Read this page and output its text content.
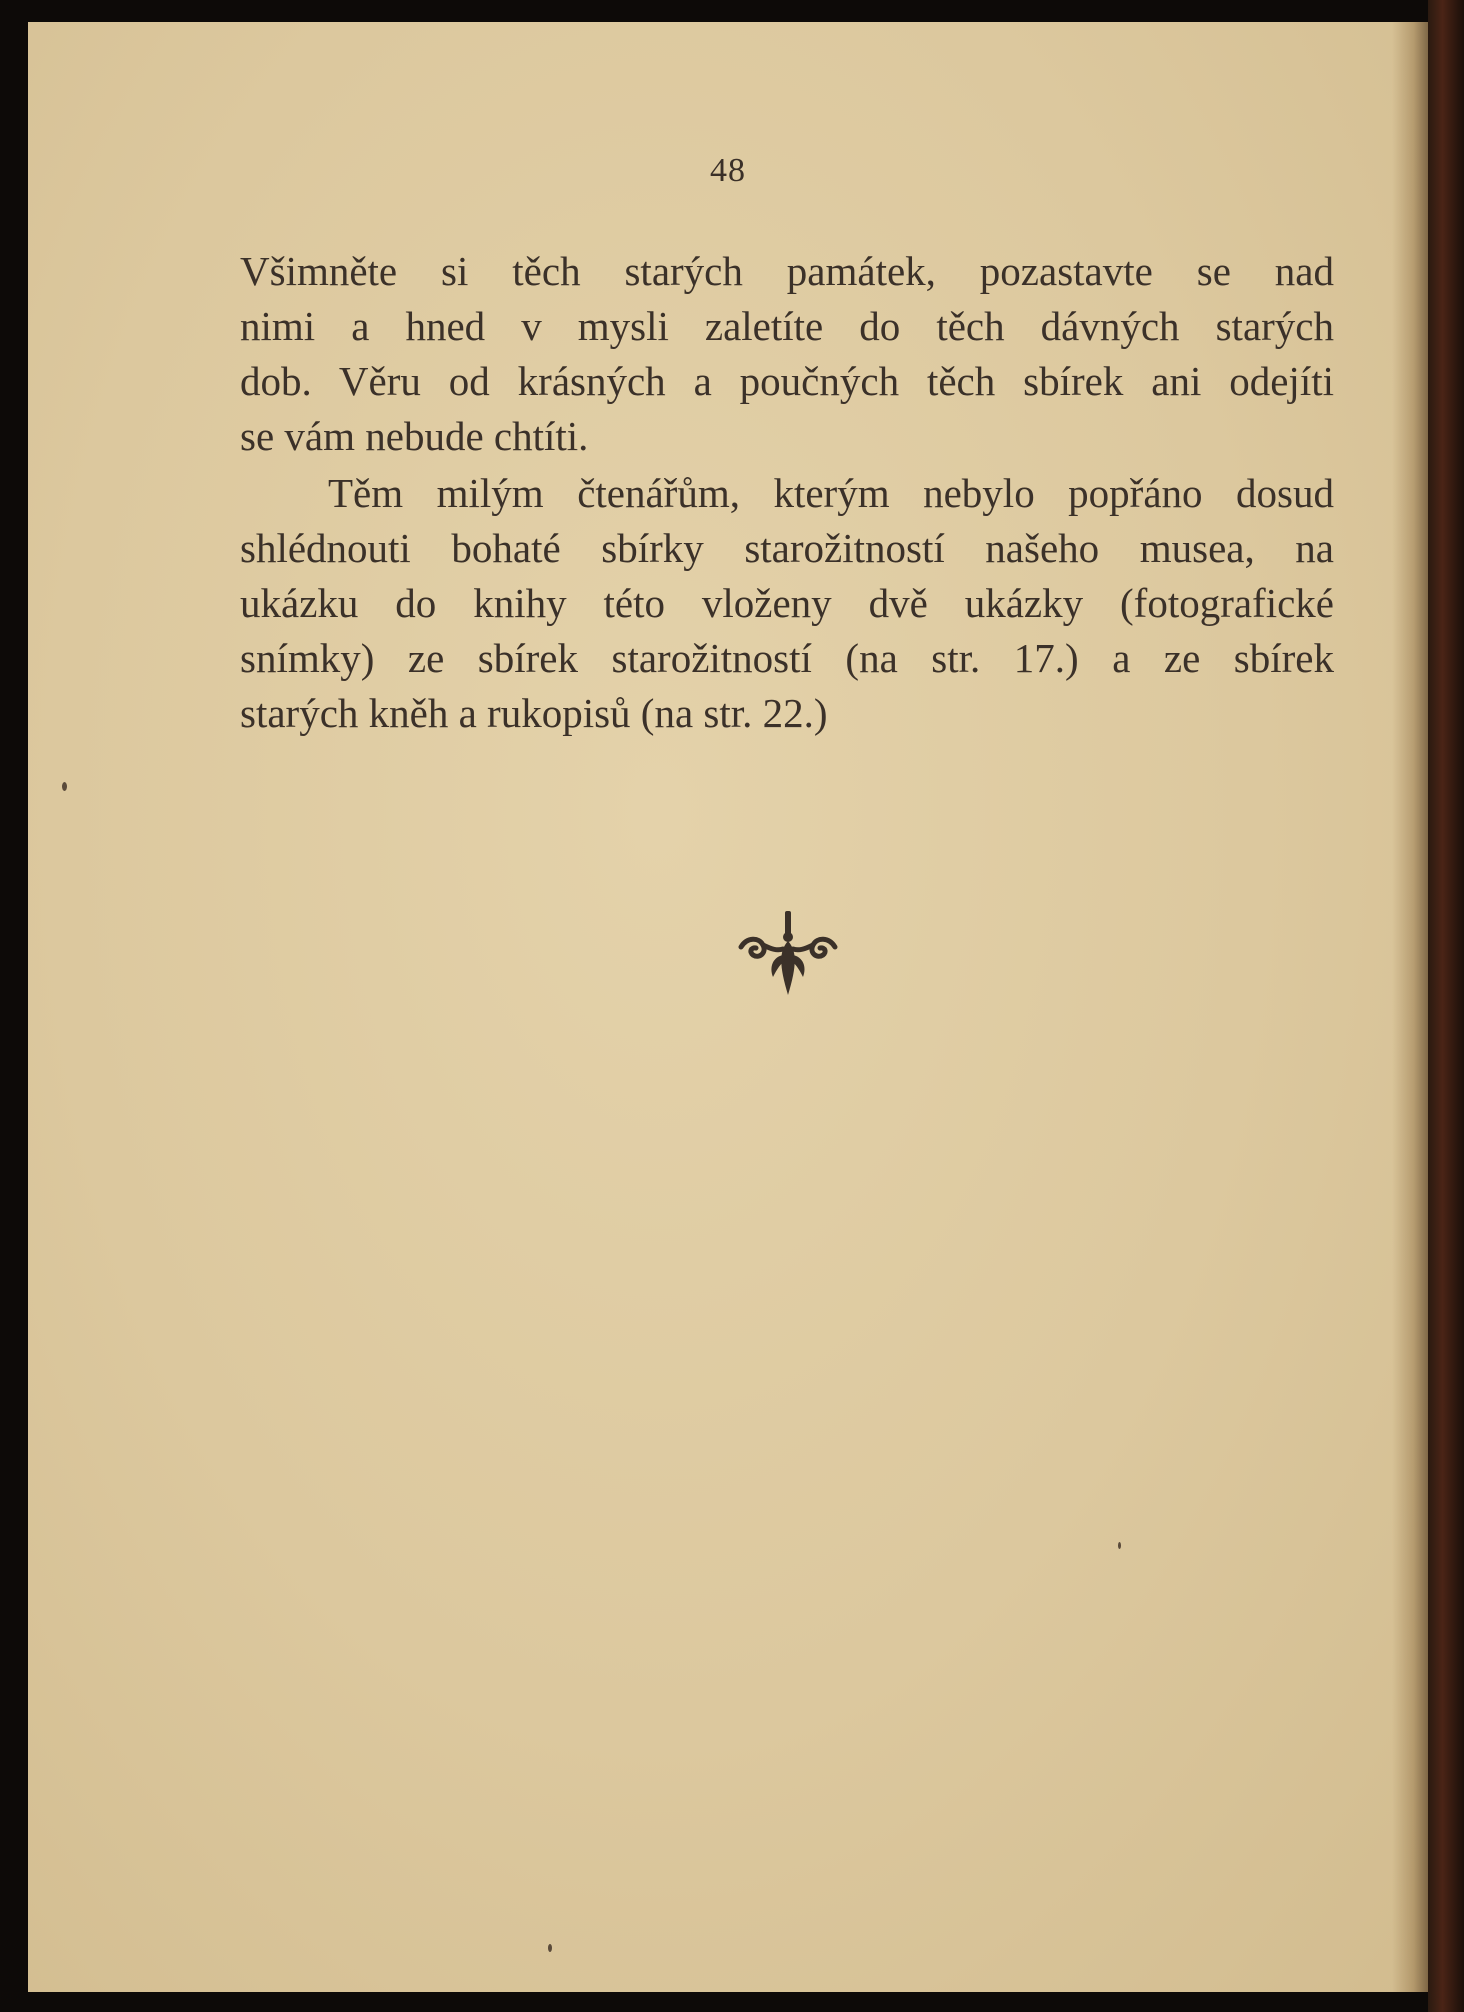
48
Všimněte si těch starých památek, pozastavte se nad
nimi a hned v mysli zaletíte do těch dávných starých
dob. Věru od krásných a poučných těch sbírek ani odejíti
se vám nebude chtíti.
Těm milým čtenářům, kterým nebylo popřáno dosud
shlédnouti bohaté sbírky starožitností našeho musea, na
ukázku do knihy této vloženy dvě ukázky (fotografické
snímky) ze sbírek starožitností (na str. 17.) a ze sbírek
starých kněh a rukopisů (na str. 22.)
